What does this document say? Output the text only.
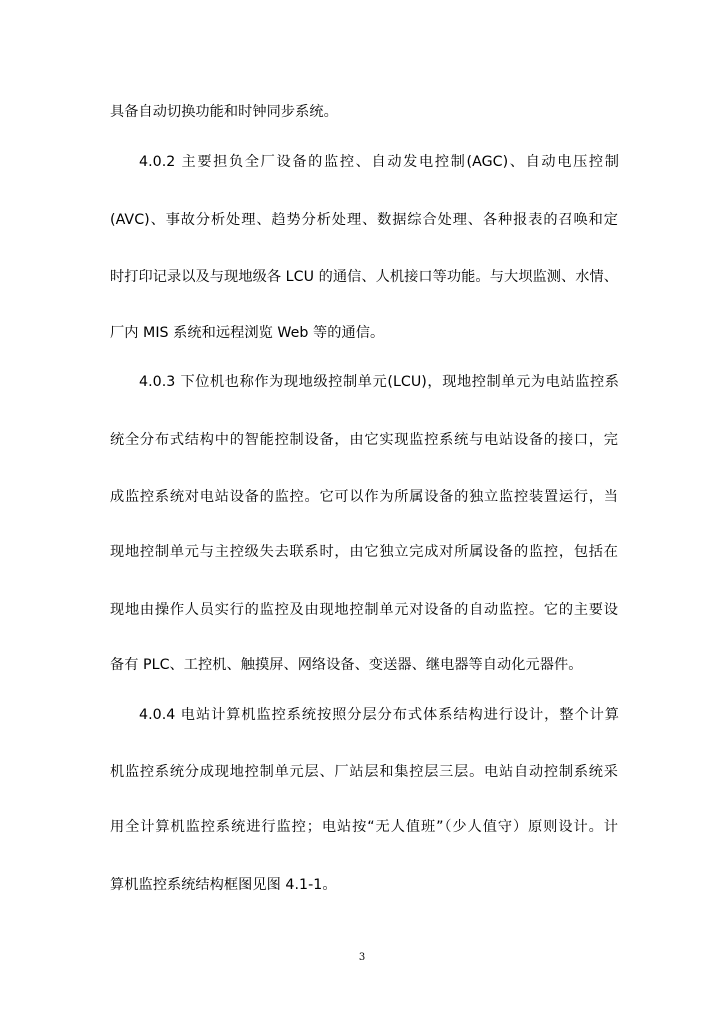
具备自动切换功能和时钟同步系统。
4.0.2 主要担负全厂设备的监控、自动发电控制(AGC)、自动电压控制
(AVC)、事故分析处理、趋势分析处理、数据综合处理、各种报表的召唤和定
时打印记录以及与现地级各 LCU 的通信、人机接口等功能。与大坝监测、水情、
厂内 MIS 系统和远程浏览 Web 等的通信。
4.0.3 下位机也称作为现地级控制单元(LCU)，现地控制单元为电站监控系
统全分布式结构中的智能控制设备，由它实现监控系统与电站设备的接口，完
成监控系统对电站设备的监控。它可以作为所属设备的独立监控装置运行，当
现地控制单元与主控级失去联系时，由它独立完成对所属设备的监控，包括在
现地由操作人员实行的监控及由现地控制单元对设备的自动监控。它的主要设
备有 PLC、工控机、触摸屏、网络设备、变送器、继电器等自动化元器件。
4.0.4 电站计算机监控系统按照分层分布式体系结构进行设计，整个计算
机监控系统分成现地控制单元层、厂站层和集控层三层。电站自动控制系统采
用全计算机监控系统进行监控；电站按“无人值班”（少人值守）原则设计。计
算机监控系统结构框图见图 4.1-1。
3
